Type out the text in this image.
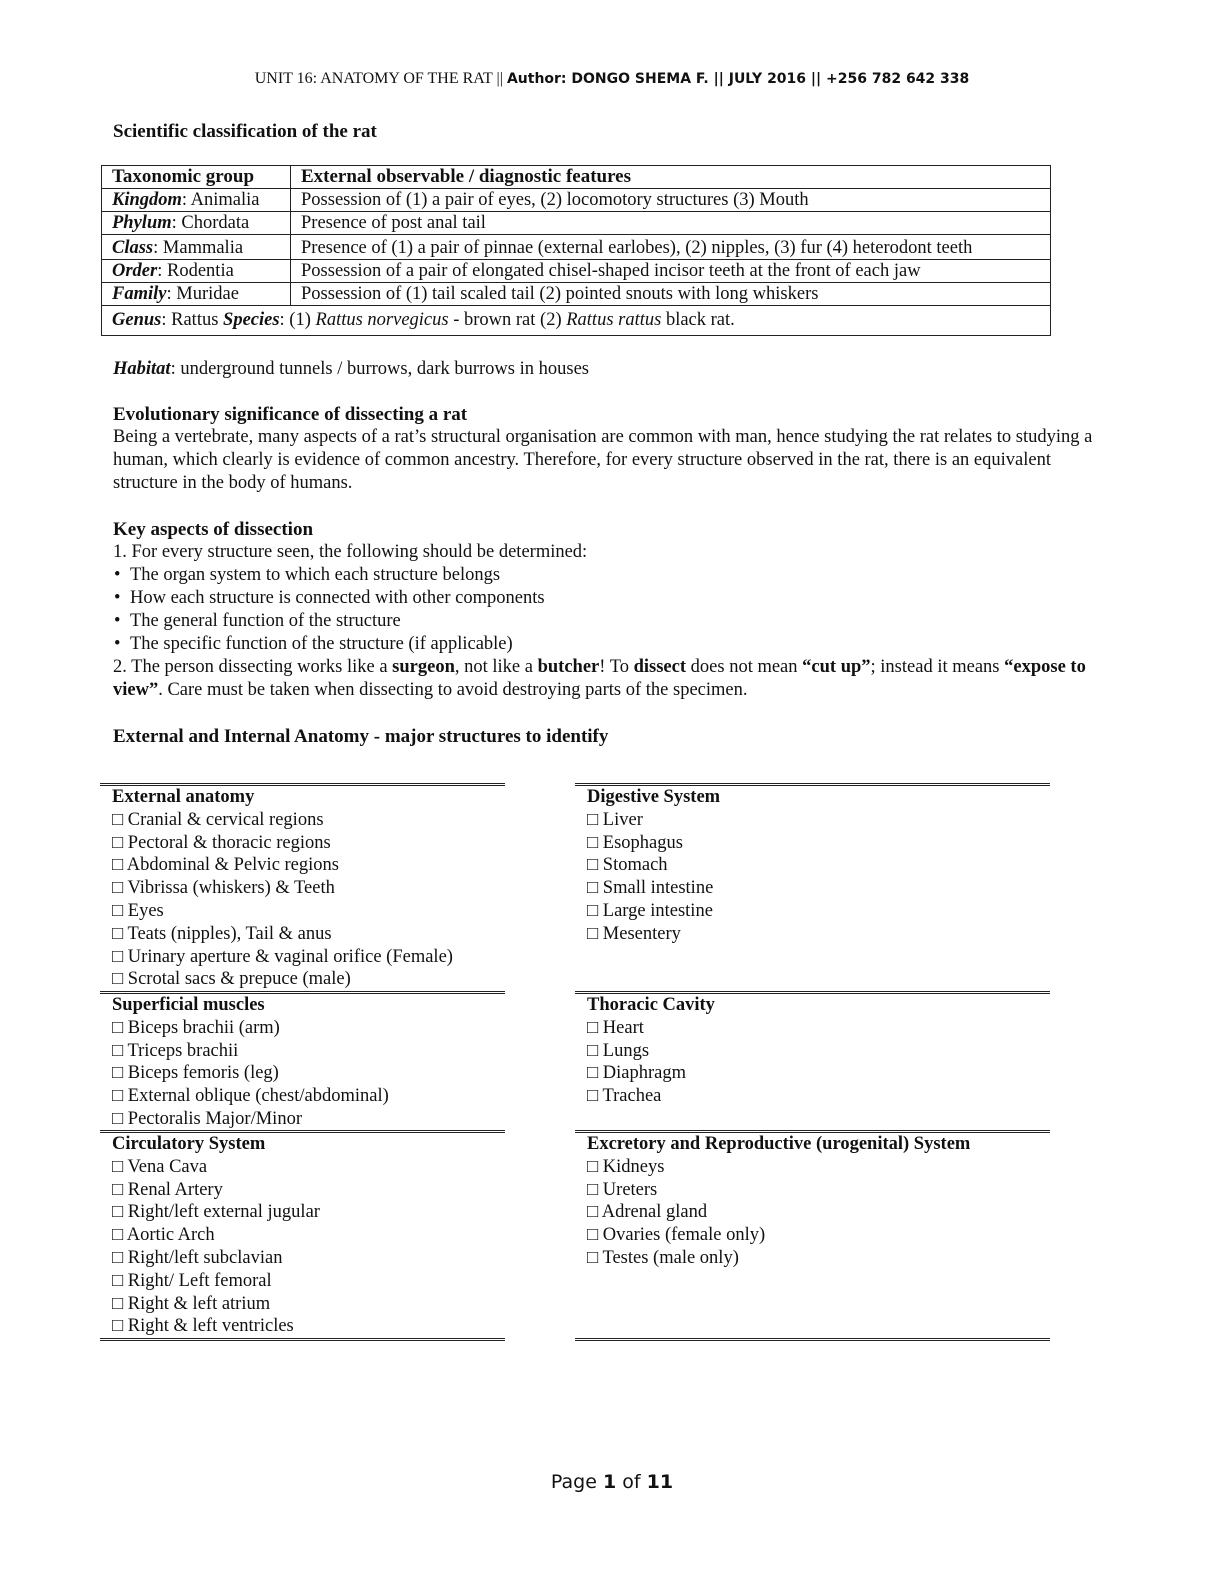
UNIT 16: ANATOMY OF THE RAT || Author: DONGO SHEMA F. || JULY 2016 || +256 782 642 338
Scientific classification of the rat
Taxonomic group	External observable / diagnostic features
Kingdom: Animalia	Possession of (1) a pair of eyes, (2) locomotory structures (3) Mouth
Phylum: Chordata	Presence of post anal tail
Class: Mammalia	Presence of (1) a pair of pinnae (external earlobes), (2) nipples, (3) fur (4) heterodont teeth
Order: Rodentia	Possession of a pair of elongated chisel-shaped incisor teeth at the front of each jaw
Family: Muridae	Possession of (1) tail scaled tail (2) pointed snouts with long whiskers
Genus: Rattus Species: (1) Rattus norvegicus - brown rat (2) Rattus rattus black rat.	
Habitat: underground tunnels / burrows, dark burrows in houses
Evolutionary significance of dissecting a rat
Being a vertebrate, many aspects of a rat’s structural organisation are common with man, hence studying the rat relates to studying a human, which clearly is evidence of common ancestry. Therefore, for every structure observed in the rat, there is an equivalent structure in the body of humans.
Key aspects of dissection
1. For every structure seen, the following should be determined:
• The organ system to which each structure belongs
• How each structure is connected with other components
• The general function of the structure
• The specific function of the structure (if applicable)
2. The person dissecting works like a surgeon, not like a butcher! To dissect does not mean “cut up”; instead it means “expose to view”. Care must be taken when dissecting to avoid destroying parts of the specimen.
External and Internal Anatomy - major structures to identify
External anatomy
□ Cranial & cervical regions
□ Pectoral & thoracic regions
□ Abdominal & Pelvic regions
□ Vibrissa (whiskers) & Teeth
□ Eyes
□ Teats (nipples), Tail & anus
□ Urinary aperture & vaginal orifice (Female)
□ Scrotal sacs & prepuce (male)
Superficial muscles
□ Biceps brachii (arm)
□ Triceps brachii
□ Biceps femoris (leg)
□ External oblique (chest/abdominal)
□ Pectoralis Major/Minor
Circulatory System
□ Vena Cava
□ Renal Artery
□ Right/left external jugular
□ Aortic Arch
□ Right/left subclavian
□ Right/ Left femoral
□ Right & left atrium
□ Right & left ventricles
Digestive System
□ Liver
□ Esophagus
□ Stomach
□ Small intestine
□ Large intestine
□ Mesentery
Thoracic Cavity
□ Heart
□ Lungs
□ Diaphragm
□ Trachea
Excretory and Reproductive (urogenital) System
□ Kidneys
□ Ureters
□ Adrenal gland
□ Ovaries (female only)
□ Testes (male only)
Page 1 of 11
